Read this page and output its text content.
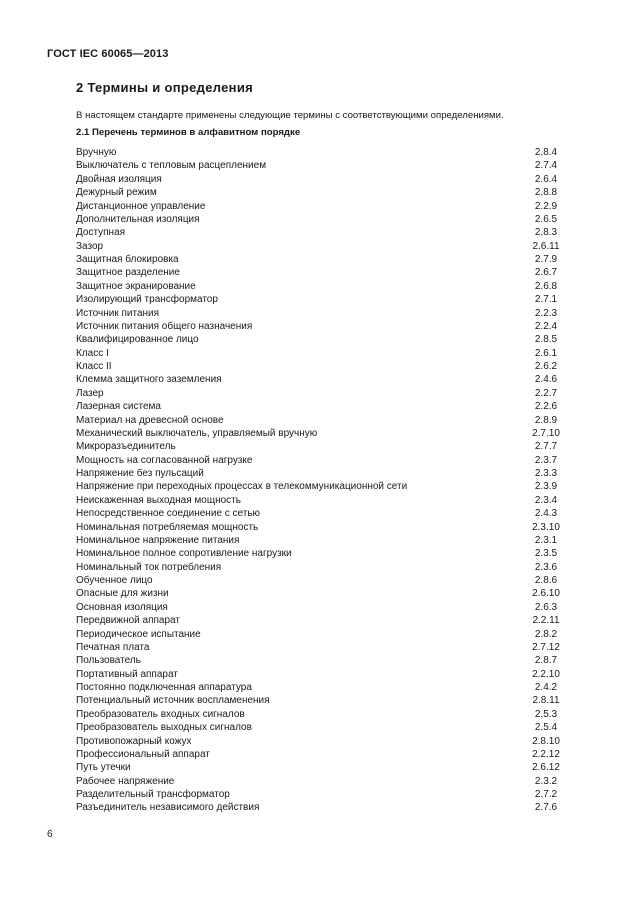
ГОСТ IEC 60065—2013
2 Термины и определения
В настоящем стандарте применены следующие термины с соответствующими определениями.
2.1 Перечень терминов в алфавитном порядке
Вручную	2.8.4
Выключатель с тепловым расцеплением	2.7.4
Двойная изоляция	2.6.4
Дежурный режим	2.8.8
Дистанционное управление	2.2.9
Дополнительная изоляция	2.6.5
Доступная	2.8.3
Зазор	2.6.11
Защитная блокировка	2.7.9
Защитное разделение	2.6.7
Защитное экранирование	2.6.8
Изолирующий трансформатор	2.7.1
Источник питания	2.2.3
Источник питания общего назначения	2.2.4
Квалифицированное лицо	2.8.5
Класс I	2.6.1
Класс II	2.6.2
Клемма защитного заземления	2.4.6
Лазер	2.2.7
Лазерная система	2.2.6
Материал на древесной основе	2.8.9
Механический выключатель, управляемый вручную	2.7.10
Микроразъединитель	2.7.7
Мощность на согласованной нагрузке	2.3.7
Напряжение без пульсаций	2.3.3
Напряжение при переходных процессах в телекоммуникационной сети	2.3.9
Неискаженная выходная мощность	2.3.4
Непосредственное соединение с сетью	2.4.3
Номинальная потребляемая мощность	2.3.10
Номинальное напряжение питания	2.3.1
Номинальное полное сопротивление нагрузки	2.3.5
Номинальный ток потребления	2.3.6
Обученное лицо	2.8.6
Опасные для жизни	2.6.10
Основная изоляция	2.6.3
Передвижной аппарат	2.2.11
Периодическое испытание	2.8.2
Печатная плата	2.7.12
Пользователь	2.8.7
Портативный аппарат	2.2.10
Постоянно подключенная аппаратура	2.4.2
Потенциальный источник воспламенения	2.8.11
Преобразователь входных сигналов	2.5.3
Преобразователь выходных сигналов	2.5.4
Противопожарный кожух	2.8.10
Профессиональный аппарат	2.2.12
Путь утечки	2.6.12
Рабочее напряжение	2.3.2
Разделительный трансформатор	2.7.2
Разъединитель независимого действия	2.7.6
6
